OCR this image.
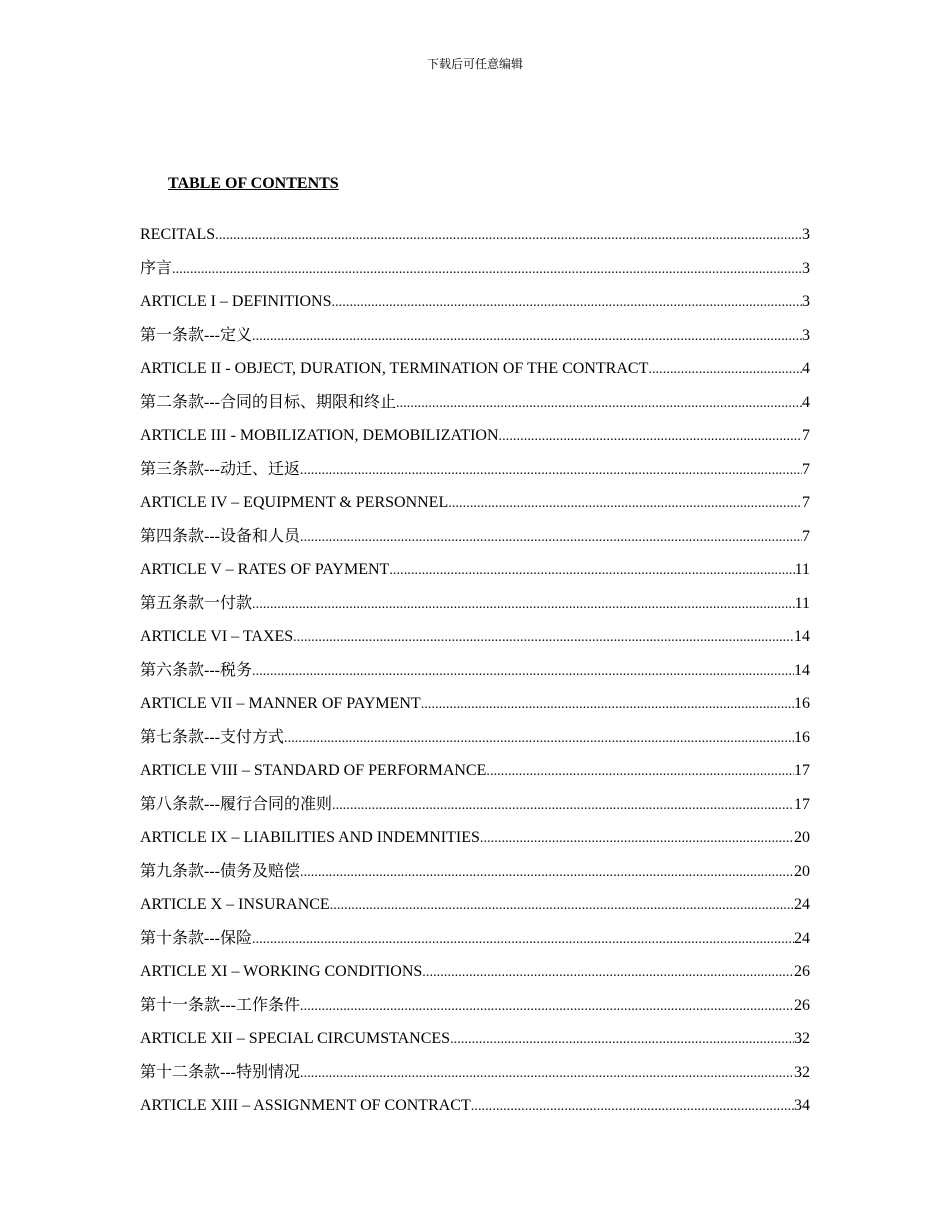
下载后可任意编辑
TABLE OF CONTENTS
RECITALS .....	3
序言 .....	3
ARTICLE I – DEFINITIONS .....	3
第一条款---定义 .....	3
ARTICLE II - OBJECT, DURATION, TERMINATION OF THE CONTRACT .....	4
第二条款---合同的目标、期限和终止 .....	4
ARTICLE III - MOBILIZATION, DEMOBILIZATION .....	7
第三条款---动迁、迁返 .....	7
ARTICLE IV – EQUIPMENT & PERSONNEL .....	7
第四条款---设备和人员 .....	7
ARTICLE V – RATES OF PAYMENT .....	11
第五条款一付款 .....	11
ARTICLE VI – TAXES .....	14
第六条款---税务 .....	14
ARTICLE VII – MANNER OF PAYMENT .....	16
第七条款---支付方式 .....	16
ARTICLE VIII – STANDARD OF PERFORMANCE .....	17
第八条款---履行合同的准则 .....	17
ARTICLE IX – LIABILITIES AND INDEMNITIES .....	20
第九条款---债务及赔偿 .....	20
ARTICLE X – INSURANCE .....	24
第十条款---保险 .....	24
ARTICLE XI – WORKING CONDITIONS .....	26
第十一条款---工作条件 .....	26
ARTICLE XII – SPECIAL CIRCUMSTANCES .....	32
第十二条款---特别情况 .....	32
ARTICLE XIII – ASSIGNMENT OF CONTRACT .....	34
